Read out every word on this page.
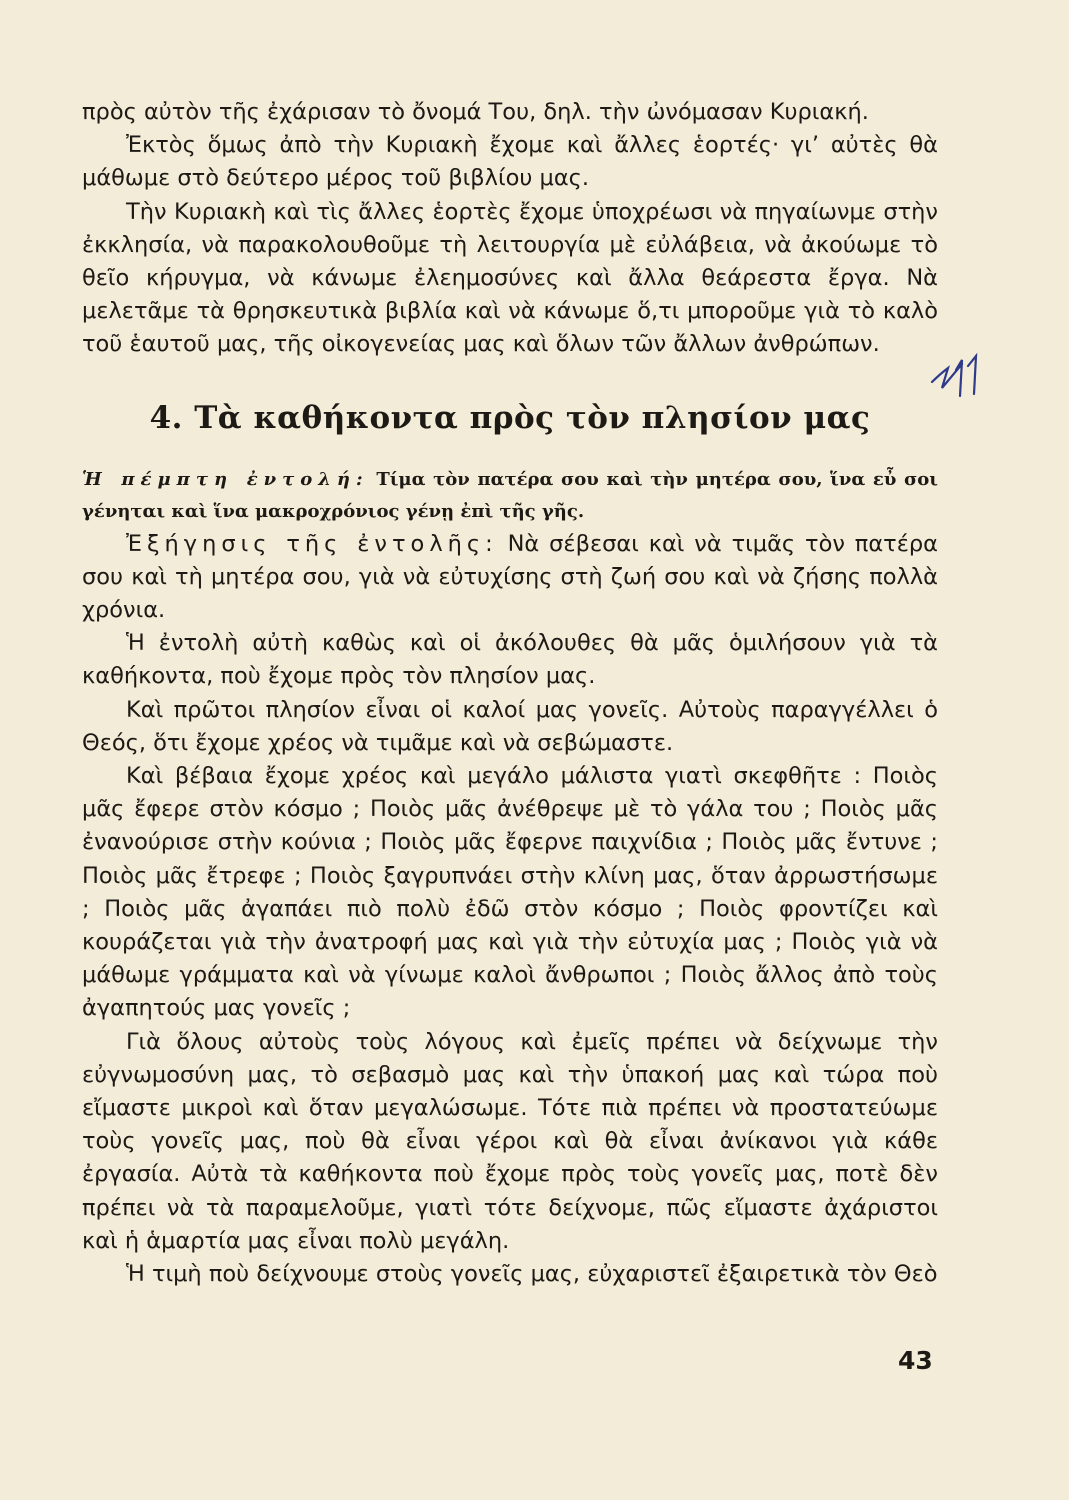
πρὸς αὐτὸν τῆς ἐχάρισαν τὸ ὄνομά Του, δηλ. τὴν ὠνόμασαν Κυριακή.

Ἐκτὸς ὅμως ἀπὸ τὴν Κυριακὴ ἔχομε καὶ ἄλλες ἑορτές· γι’ αὐτὲς θὰ μάθωμε στὸ δεύτερο μέρος τοῦ βιβλίου μας.

Τὴν Κυριακὴ καὶ τὶς ἄλλες ἑορτὲς ἔχομε ὑποχρέωσι νὰ πηγαίωνμε στὴν ἐκκλησία, νὰ παρακολουθοῦμε τὴ λειτουργία μὲ εὐλάβεια, νὰ ἀκούωμε τὸ θεῖο κήρυγμα, νὰ κάνωμε ἐλεημοσύνες καὶ ἄλλα θεάρεστα ἔργα. Νὰ μελετᾶμε τὰ θρησκευτικὰ βιβλία καὶ νὰ κάνωμε ὅ,τι μποροῦμε γιὰ τὸ καλὸ τοῦ ἑαυτοῦ μας, τῆς οἰκογενείας μας καὶ ὅλων τῶν ἄλλων ἀνθρώπων.

4. Τὰ καθήκοντα πρὸς τὸν πλησίον μας

Ἡ πέμπτη ἐντολή: Τίμα τὸν πατέρα σου καὶ τὴν μητέρα σου, ἵνα εὖ σοι γένηται καὶ ἵνα μακροχρόνιος γένῃ ἐπὶ τῆς γῆς.

Ἐξήγησις τῆς ἐντολῆς: Νὰ σέβεσαι καὶ νὰ τιμᾶς τὸν πατέρα σου καὶ τὴ μητέρα σου, γιὰ νὰ εὐτυχίσης στὴ ζωή σου καὶ νὰ ζήσης πολλὰ χρόνια.

Ἡ ἐντολὴ αὐτὴ καθὼς καὶ οἱ ἀκόλουθες θὰ μᾶς ὁμιλήσουν γιὰ τὰ καθήκοντα, ποὺ ἔχομε πρὸς τὸν πλησίον μας.

Καὶ πρῶτοι πλησίον εἶναι οἱ καλοί μας γονεῖς. Αὐτοὺς παραγγέλλει ὁ Θεός, ὅτι ἔχομε χρέος νὰ τιμᾶμε καὶ νὰ σεβώμαστε.

Καὶ βέβαια ἔχομε χρέος καὶ μεγάλο μάλιστα γιατὶ σκεφθῆτε : Ποιὸς μᾶς ἔφερε στὸν κόσμο ; Ποιὸς μᾶς ἀνέθρεψε μὲ τὸ γάλα του ; Ποιὸς μᾶς ἐνανούρισε στὴν κούνια ; Ποιὸς μᾶς ἔφερνε παιχνίδια ; Ποιὸς μᾶς ἔντυνε ; Ποιὸς μᾶς ἔτρεφε ; Ποιὸς ξαγρυπνάει στὴν κλίνη μας, ὅταν ἀρρωστήσωμε ; Ποιὸς μᾶς ἀγαπάει πιὸ πολὺ ἐδῶ στὸν κόσμο ; Ποιὸς φροντίζει καὶ κουράζεται γιὰ τὴν ἀνατροφή μας καὶ γιὰ τὴν εὐτυχία μας ; Ποιὸς γιὰ νὰ μάθωμε γράμματα καὶ νὰ γίνωμε καλοὶ ἄνθρωποι ; Ποιὸς ἄλλος ἀπὸ τοὺς ἀγαπητούς μας γονεῖς ;

Γιὰ ὅλους αὐτοὺς τοὺς λόγους καὶ ἐμεῖς πρέπει νὰ δείχνωμε τὴν εὐγνωμοσύνη μας, τὸ σεβασμὸ μας καὶ τὴν ὑπακοή μας καὶ τώρα ποὺ εἴμαστε μικροὶ καὶ ὅταν μεγαλώσωμε. Τότε πιὰ πρέπει νὰ προστατεύωμε τοὺς γονεῖς μας, ποὺ θὰ εἶναι γέροι καὶ θὰ εἶναι ἀνίκανοι γιὰ κάθε ἐργασία. Αὐτὰ τὰ καθήκοντα ποὺ ἔχομε πρὸς τοὺς γονεῖς μας, ποτὲ δὲν πρέπει νὰ τὰ παραμελοῦμε, γιατὶ τότε δείχνομε, πῶς εἴμαστε ἀχάριστοι καὶ ἡ ἁμαρτία μας εἶναι πολὺ μεγάλη.

Ἡ τιμὴ ποὺ δείχνουμε στοὺς γονεῖς μας, εὐχαριστεῖ ἐξαιρετικὰ τὸν Θεὸ

43
